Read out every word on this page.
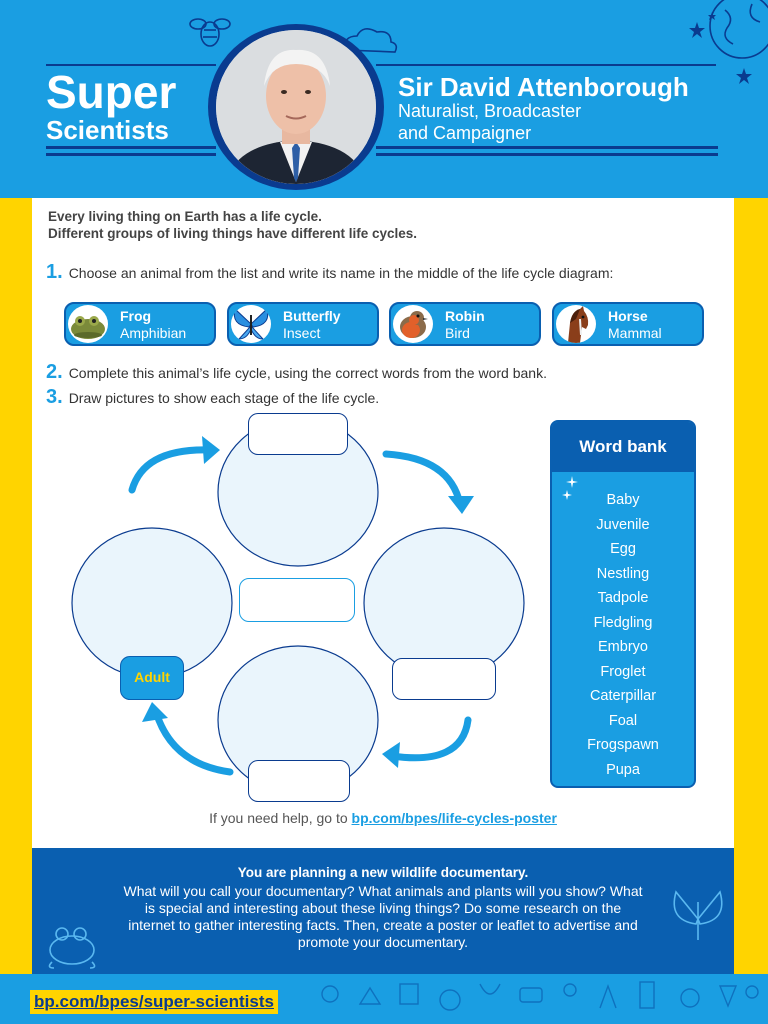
Super
Scientists
Sir David Attenborough
Naturalist, Broadcaster
and Campaigner
Every living thing on Earth has a life cycle.
Different groups of living things have different life cycles.
1. Choose an animal from the list and write its name in the middle of the life cycle diagram:
Frog
Amphibian
Butterfly
Insect
Robin
Bird
Horse
Mammal
2. Complete this animal’s life cycle, using the correct words from the word bank.
3. Draw pictures to show each stage of the life cycle.
Adult
Word bank
Baby
Juvenile
Egg
Nestling
Tadpole
Fledgling
Embryo
Froglet
Caterpillar
Foal
Frogspawn
Pupa
If you need help, go to bp.com/bpes/life-cycles-poster
You are planning a new wildlife documentary.
What will you call your documentary? What animals and plants will you show? What is special and interesting about these living things? Do some research on the internet to gather interesting facts. Then, create a poster or leaflet to advertise and promote your documentary.
bp.com/bpes/super-scientists
